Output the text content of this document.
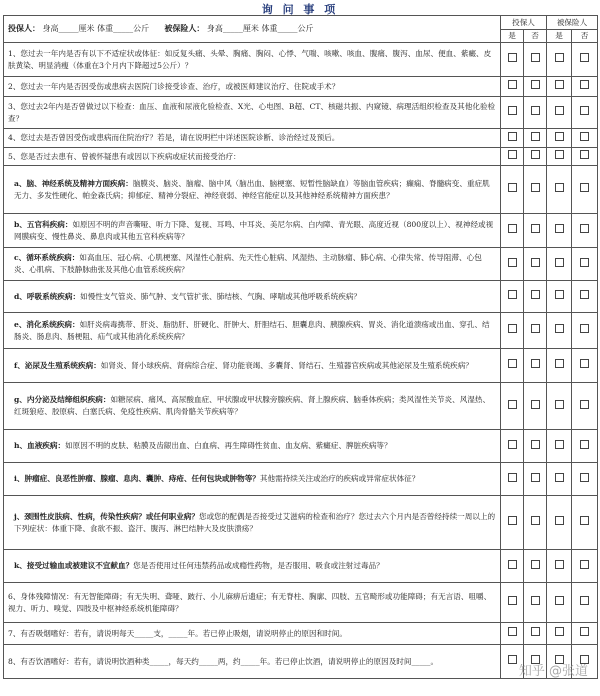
询 问 事 项
投保人： 身高_____厘米 体重_____公斤 被保险人： 身高_____厘米 体重_____公斤	投保人		被保险人	
	是	否	是	否
1、您过去一年内是否有以下不适症状或体征：如反复头痛、头晕、胸痛、胸闷、心悸、气喘、咳嗽、咳血、腹痛、腹泻、血尿、便血、紫癜、皮肤黄染、明显消瘦（体重在3个月内下降超过5公斤）？				
2、您过去一年内是否因受伤或患病去医院门诊接受诊查、治疗，或被医师建议治疗、住院或手术？				
3、您过去2年内是否曾做过以下检查：血压、血液和尿液化验检查、X光、心电图、B超、CT、核磁共振、内窥镜、病理活组织检查及其他化验检查？				
4、您过去是否曾因受伤或患病而住院治疗？若是，请在说明栏中详述医院诊断、诊治经过及预后。				
5、您是否过去患有、曾被怀疑患有或因以下疾病或症状而接受治疗：				
a、脑、神经系统及精神方面疾病：脑膜炎、脑炎、脑瘤、脑中风（脑出血、脑梗塞、短暂性脑缺血）等脑血管疾病；癫痫、脊髓病变、重症肌无力、多发性硬化、帕金森氏病；抑郁症、精神分裂症、神经衰弱、神经官能症以及其他神经系统精神方面疾患？				
b、五官科疾病：如原因不明的声音嘶哑、听力下降、复视、耳鸣、中耳炎、美尼尔病、白内障、青光眼、高度近视（800度以上）、视神经或视网膜病变、慢性鼻炎、鼻息肉或其他五官科疾病等？				
c、循环系统疾病：如高血压、冠心病、心肌梗塞、风湿性心脏病、先天性心脏病、风湿热、主动脉瘤、肺心病、心律失常、传导阻滞、心包炎、心肌病、下肢静脉曲张及其他心血管系统疾病？				
d、呼吸系统疾病：如慢性支气管炎、肺气肿、支气管扩张、肺结核、气胸、哮喘或其他呼吸系统疾病？				
e、消化系统疾病：如肝炎病毒携带、肝炎、脂肪肝、肝硬化、肝肿大、肝胆结石、胆囊息肉、胰腺疾病、胃炎、消化道溃疡或出血、穿孔、结肠炎、肠息肉、肠梗阻、疝气或其他消化系统疾病？				
f、泌尿及生殖系统疾病：如肾炎、肾小球疾病、肾病综合症、肾功能衰竭、多囊肾、肾结石、生殖器官疾病或其他泌尿及生殖系统疾病？				
g、内分泌及结缔组织疾病：如糖尿病、痛风、高尿酸血症、甲状腺或甲状腺旁腺疾病、肾上腺疾病、脑垂体疾病；类风湿性关节炎、风湿热、红斑狼疮、胶原病、白塞氏病、免疫性疾病、肌肉骨骼关节疾病等？				
h、血液疾病：如原因不明的皮肤、粘膜及齿龈出血、白血病、再生障碍性贫血、血友病、紫癜症、脾脏疾病等？				
i、肿瘤症、良恶性肿瘤、腺瘤、息肉、囊肿、痔疮、任何包块或肿物等？其他需持续关注或治疗的疾病或异常症状体征？				
j、颈围性皮肤病、性病，传染性疾病？或任何职业病？您或您的配偶是否接受过艾滋病的检查和治疗？您过去六个月内是否曾经持续一周以上的下列症状：体重下降、食欲不振、盗汗、腹泻、淋巴结肿大及皮肤溃疡？				
k、接受过输血或被建议不宜献血？您是否使用过任何违禁药品或成瘾性药物，是否服用、吸食或注射过毒品？				
6、身体残障情况：有无智能障碍；有无失明、聋哑、跛行、小儿麻痹后遗症；有无脊柱、胸廓、四肢、五官畸形或功能障碍；有无言语、咀嚼、视力、听力、嗅觉、四肢及中枢神经系统机能障碍？				
7、有否吸烟嗜好：若有，请说明每天_____支，_____年。若已停止吸烟，请说明停止的原因和时间。				
8、有否饮酒嗜好：若有，请说明饮酒种类_____，每天约_____两，约_____年。若已停止饮酒，请说明停止的原因及时间_____。				
知乎 @张道
